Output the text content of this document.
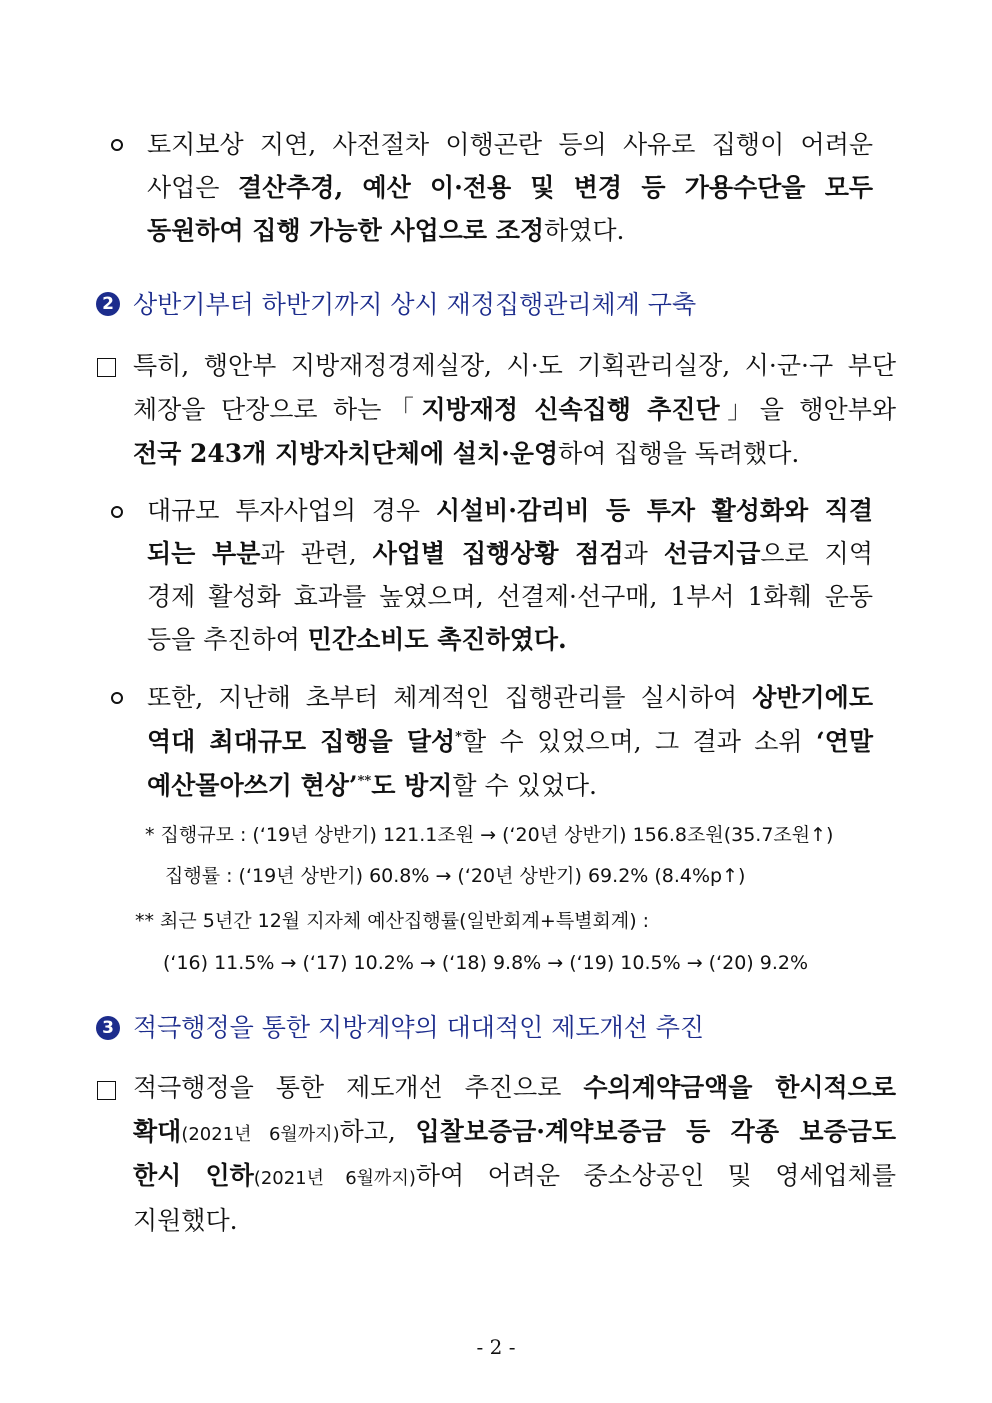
토지보상 지연, 사전절차 이행곤란 등의 사유로 집행이 어려운
사업은 결산추경, 예산 이·전용 및 변경 등 가용수단을 모두
동원하여 집행 가능한 사업으로 조정하였다.
2 상반기부터 하반기까지 상시 재정집행관리체계 구축
특히, 행안부 지방재정경제실장, 시·도 기획관리실장, 시·군·구 부단
체장을 단장으로 하는「지방재정 신속집행 추진단」을 행안부와
전국 243개 지방자치단체에 설치·운영하여 집행을 독려했다.
대규모 투자사업의 경우 시설비·감리비 등 투자 활성화와 직결
되는 부분과 관련, 사업별 집행상황 점검과 선금지급으로 지역
경제 활성화 효과를 높였으며, 선결제·선구매, 1부서 1화훼 운동
등을 추진하여 민간소비도 촉진하였다.
또한, 지난해 초부터 체계적인 집행관리를 실시하여 상반기에도
역대 최대규모 집행을 달성*할 수 있었으며, 그 결과 소위 ‘연말
예산몰아쓰기 현상’**도 방지할 수 있었다.
* 집행규모 : (‘19년 상반기) 121.1조원 → (‘20년 상반기) 156.8조원(35.7조원↑)
집행률 : (‘19년 상반기) 60.8% → (‘20년 상반기) 69.2% (8.4%p↑)
** 최근 5년간 12월 지자체 예산집행률(일반회계+특별회계) :
(‘16) 11.5% → (‘17) 10.2% → (‘18) 9.8% → (‘19) 10.5% → (‘20) 9.2%
3 적극행정을 통한 지방계약의 대대적인 제도개선 추진
적극행정을 통한 제도개선 추진으로 수의계약금액을 한시적으로
확대(2021년 6월까지)하고, 입찰보증금·계약보증금 등 각종 보증금도
한시 인하(2021년 6월까지)하여 어려운 중소상공인 및 영세업체를
지원했다.
- 2 -
